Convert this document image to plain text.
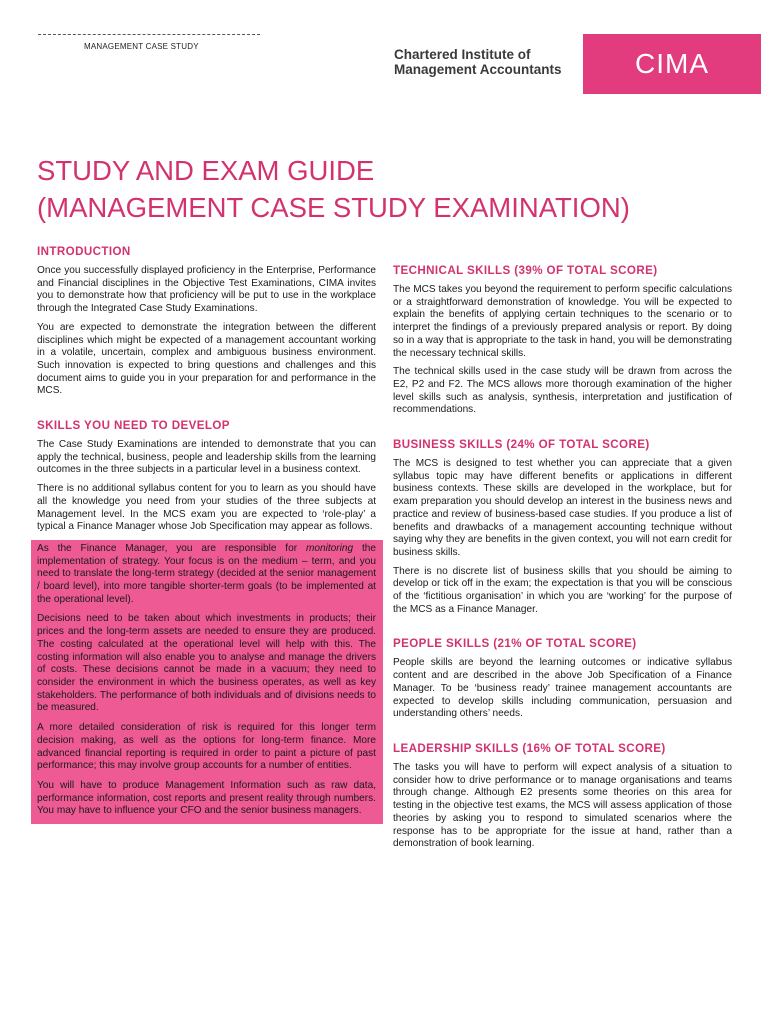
MANAGEMENT CASE STUDY
Chartered Institute of
Management Accountants	CIMA
STUDY AND EXAM GUIDE
(MANAGEMENT CASE STUDY EXAMINATION)
INTRODUCTION

Once you successfully displayed proficiency in the Enterprise, Performance and Financial disciplines in the Objective Test Examinations, CIMA invites you to demonstrate how that proficiency will be put to use in the workplace through the Integrated Case Study Examinations.

You are expected to demonstrate the integration between the different disciplines which might be expected of a management accountant working in a volatile, uncertain, complex and ambiguous business environment. Such innovation is expected to bring questions and challenges and this document aims to guide you in your preparation for and performance in the MCS.

SKILLS YOU NEED TO DEVELOP

The Case Study Examinations are intended to demonstrate that you can apply the technical, business, people and leadership skills from the learning outcomes in the three subjects in a particular level in a business context.

There is no additional syllabus content for you to learn as you should have all the knowledge you need from your studies of the three subjects at Management level. In the MCS exam you are expected to ‘role-play’ a typical a Finance Manager whose Job Specification may appear as follows.

As the Finance Manager, you are responsible for monitoring the implementation of strategy. Your focus is on the medium – term, and you need to translate the long-term strategy (decided at the senior management / board level), into more tangible shorter-term goals (to be implemented at the operational level).

Decisions need to be taken about which investments in products; their prices and the long-term assets are needed to ensure they are produced. The costing calculated at the operational level will help with this. The costing information will also enable you to analyse and manage the drivers of costs. These decisions cannot be made in a vacuum; they need to consider the environment in which the business operates, as well as key stakeholders. The performance of both individuals and of divisions needs to be measured.

A more detailed consideration of risk is required for this longer term decision making, as well as the options for long-term finance. More advanced financial reporting is required in order to paint a picture of past performance; this may involve group accounts for a number of entities.

You will have to produce Management Information such as raw data, performance information, cost reports and present reality through numbers. You may have to influence your CFO and the senior business managers.

TECHNICAL SKILLS (39% OF TOTAL SCORE)

The MCS takes you beyond the requirement to perform specific calculations or a straightforward demonstration of knowledge. You will be expected to explain the benefits of applying certain techniques to the scenario or to interpret the findings of a previously prepared analysis or report. By doing so in a way that is appropriate to the task in hand, you will be demonstrating the necessary technical skills.

The technical skills used in the case study will be drawn from across the E2, P2 and F2. The MCS allows more thorough examination of the higher level skills such as analysis, synthesis, interpretation and justification of recommendations.

BUSINESS SKILLS (24% OF TOTAL SCORE)

The MCS is designed to test whether you can appreciate that a given syllabus topic may have different benefits or applications in different business contexts. These skills are developed in the workplace, but for exam preparation you should develop an interest in the business news and practice and review of business-based case studies. If you produce a list of benefits and drawbacks of a management accounting technique without saying why they are benefits in the given context, you will not earn credit for business skills.

There is no discrete list of business skills that you should be aiming to develop or tick off in the exam; the expectation is that you will be conscious of the ‘fictitious organisation’ in which you are ‘working’ for the purpose of the MCS as a Finance Manager.

PEOPLE SKILLS (21% OF TOTAL SCORE)

People skills are beyond the learning outcomes or indicative syllabus content and are described in the above Job Specification of a Finance Manager. To be ‘business ready’ trainee management accountants are expected to develop skills including communication, persuasion and understanding others’ needs.

LEADERSHIP SKILLS (16% OF TOTAL SCORE)

The tasks you will have to perform will expect analysis of a situation to consider how to drive performance or to manage organisations and teams through change. Although E2 presents some theories on this area for testing in the objective test exams, the MCS will assess application of those theories by asking you to respond to simulated scenarios where the response has to be appropriate for the issue at hand, rather than a demonstration of book learning.
